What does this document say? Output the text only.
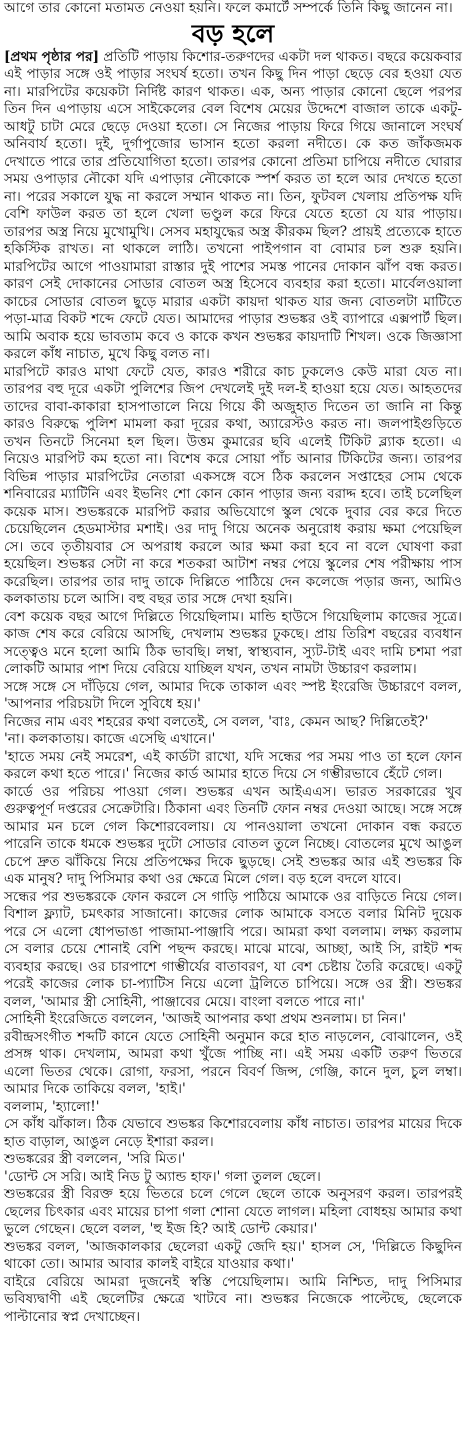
আগে তার কোনো মতামত নেওয়া হয়নি। ফলে কমার্টে সম্পর্কে তিনি কিছু জানেন না।

বড় হলে

[প্রথম পৃষ্ঠার পর] প্রতিটি পাড়ায় কিশোর-তরুণদের একটা দল থাকত। বছরে কয়েকবার এই পাড়ার সঙ্গে ওই পাড়ার সংঘর্ষ হতো। তখন কিছু দিন পাড়া ছেড়ে বের হওয়া যেত না। মারপিটের কয়েকটা নির্দিষ্ট কারণ থাকত। এক, অন্য পাড়ার কোনো ছেলে পরপর তিন দিন এপাড়ায় এসে সাইকেলের বেল বিশেষ মেয়ের উদ্দেশে বাজাল তাকে একটু-আধটু চাটা মেরে ছেড়ে দেওয়া হতো। সে নিজের পাড়ায় ফিরে গিয়ে জানালে সংঘর্ষ অনিবার্য হতো। দুই, দুর্গাপুজোর ভাসান হতো করলা নদীতে। কে কত জাঁকজমক দেখাতে পারে তার প্রতিযোগিতা হতো। তারপর কোনো প্রতিমা চাপিয়ে নদীতে ঘোরার সময় ওপাড়ার নৌকো যদি এপাড়ার নৌকোকে স্পর্শ করত তা হলে আর দেখতে হতো না। পরের সকালে যুদ্ধ না করলে সম্মান থাকত না। তিন, ফুটবল খেলায় প্রতিপক্ষ যদি বেশি ফাউল করত তা হলে খেলা ভণ্ডুল করে ফিরে যেতে হতো যে যার পাড়ায়। তারপর অস্ত্র নিয়ে মুখোমুখি। সেসব মহাযুদ্ধের অস্ত্র কীরকম ছিল? প্রায়ই প্রত্যেকে হাতে হকিস্টিক রাখত। না থাকলে লাঠি। তখনো পাইপগান বা বোমার চল শুরু হয়নি। মারপিটের আগে পাওয়ামারা রাস্তার দুই পাশের সমস্ত পানের দোকান ঝাঁপ বন্ধ করত। কারণ সেই দোকানের সোডার বোতল অস্ত্র হিসেবে ব্যবহার করা হতো। মার্বেলওয়ালা কাচের সোডার বোতল ছুড়ে মারার একটা কায়দা থাকত যার জন্য বোতলটা মাটিতে পড়া-মাত্র বিকট শব্দে ফেটে যেত। আমাদের পাড়ার শুভঙ্কর ওই ব্যাপারে এক্সপার্ট ছিল। আমি অবাক হয়ে ভাবতাম কবে ও কাকে কখন শুভঙ্কর কায়দাটি শিখল। ওকে জিজ্ঞাসা করলে কাঁধ নাচাত, মুখে কিছু বলত না।

মারপিটে কারও মাথা ফেটে যেত, কারও শরীরে কাচ ঢুকলেও কেউ মারা যেত না। তারপর বহু দূরে একটা পুলিশের জিপ দেখলেই দুই দল-ই হাওয়া হয়ে যেত। আহতদের তাদের বাবা-কাকারা হাসপাতালে নিয়ে গিয়ে কী অজুহাত দিতেন তা জানি না কিন্তু কারও বিরুদ্ধে পুলিশ মামলা করা দূরের কথা, অ্যারেস্টও করত না। জলপাইগুড়িতে তখন তিনটে সিনেমা হল ছিল। উত্তম কুমারের ছবি এলেই টিকিট ব্ল্যাক হতো। এ নিয়েও মারপিট কম হতো না। বিশেষ করে সোয়া পাঁচ আনার টিকিটের জন্য। তারপর বিভিন্ন পাড়ার মারপিটের নেতারা একসঙ্গে বসে ঠিক করলেন সপ্তাহের সোম থেকে শনিবারের ম্যাটিনি এবং ইভনিং শো কোন কোন পাড়ার জন্য বরাদ্দ হবে। তাই চলেছিল কয়েক মাস। শুভঙ্করকে মারপিট করার অভিযোগে স্কুল থেকে দুবার বের করে দিতে চেয়েছিলেন হেডমাস্টার মশাই। ওর দাদু গিয়ে অনেক অনুরোধ করায় ক্ষমা পেয়েছিল সে। তবে তৃতীয়বার সে অপরাধ করলে আর ক্ষমা করা হবে না বলে ঘোষণা করা হয়েছিল। শুভঙ্কর সেটা না করে শতকরা আটাশ নম্বর পেয়ে স্কুলের শেষ পরীক্ষায় পাস করেছিল। তারপর তার দাদু তাকে দিল্লিতে পাঠিয়ে দেন কলেজে পড়ার জন্য, আমিও কলকাতায় চলে আসি। বহু বছর তার সঙ্গে দেখা হয়নি।

বেশ কয়েক বছর আগে দিল্লিতে গিয়েছিলাম। মান্ডি হাউসে গিয়েছিলাম কাজের সূত্রে। কাজ শেষ করে বেরিয়ে আসছি, দেখলাম শুভঙ্কর ঢুকছে। প্রায় তিরিশ বছরের ব্যবধান সত্ত্বেও মনে হলো আমি ঠিক ভাবছি। লম্বা, স্বাস্থ্যবান, স্যুট-টাই এবং দামি চশমা পরা লোকটি আমার পাশ দিয়ে বেরিয়ে যাচ্ছিল যখন, তখন নামটা উচ্চারণ করলাম।

সঙ্গে সঙ্গে সে দাঁড়িয়ে গেল, আমার দিকে তাকাল এবং স্পষ্ট ইংরেজি উচ্চারণে বলল, 'আপনার পরিচয়টা দিলে সুবিধে হয়।'

নিজের নাম এবং শহরের কথা বলতেই, সে বলল, 'বাঃ, কেমন আছ? দিল্লিতেই?'

'না। কলকাতায়। কাজে এসেছি এখানে।'

'হাতে সময় নেই সমরেশ, এই কার্ডটা রাখো, যদি সন্ধের পর সময় পাও তা হলে ফোন করলে কথা হতে পারে।' নিজের কার্ড আমার হাতে দিয়ে সে গম্ভীরভাবে হেঁটে গেল।

কার্ডে ওর পরিচয় পাওয়া গেল। শুভঙ্কর এখন আইএএস। ভারত সরকারের খুব গুরুত্বপূর্ণ দপ্তরের সেক্রেটারি। ঠিকানা এবং তিনটি ফোন নম্বর দেওয়া আছে। সঙ্গে সঙ্গে আমার মন চলে গেল কিশোরবেলায়। যে পানওয়ালা তখনো দোকান বন্ধ করতে পারেনি তাকে ধমকে শুভঙ্কর দুটো সোডার বোতল তুলে নিচ্ছে। বোতলের মুখে আঙুল চেপে দ্রুত ঝাঁকিয়ে নিয়ে প্রতিপক্ষের দিকে ছুড়ছে। সেই শুভঙ্কর আর এই শুভঙ্কর কি এক মানুষ? দাদু পিসিমার কথা ওর ক্ষেত্রে মিলে গেল। বড় হলে বদলে যাবে।

সন্ধের পর শুভঙ্করকে ফোন করলে সে গাড়ি পাঠিয়ে আমাকে ওর বাড়িতে নিয়ে গেল। বিশাল ফ্ল্যাট, চমৎকার সাজানো। কাজের লোক আমাকে বসতে বলার মিনিট দুয়েক পরে সে এলো ধোপভাঙা পাজামা-পাঞ্জাবি পরে। আমরা কথা বললাম। লক্ষ্য করলাম সে বলার চেয়ে শোনাই বেশি পছন্দ করছে। মাঝে মাঝে, আচ্ছা, আই সি, রাইট শব্দ ব্যবহার করছে। ওর চারপাশে গাম্ভীর্যের বাতাবরণ, যা বেশ চেষ্টায় তৈরি করেছে। একটু পরেই কাজের লোক চা-প্যাটিস নিয়ে এলো ট্রলিতে চাপিয়ে। সঙ্গে ওর স্ত্রী। শুভঙ্কর বলল, 'আমার স্ত্রী সোহিনী, পাঞ্জাবের মেয়ে। বাংলা বলতে পারে না।'

সোহিনী ইংরেজিতে বললেন, 'আজই আপনার কথা প্রথম শুনলাম। চা নিন।'

রবীন্দ্রসংগীত শব্দটি কানে যেতে সোহিনী অনুমান করে হাত নাড়লেন, বোঝালেন, ওই প্রসঙ্গ থাক। দেখলাম, আমরা কথা খুঁজে পাচ্ছি না। এই সময় একটি তরুণ ভিতরে এলো ভিতর থেকে। রোগা, ফরসা, পরনে বিবর্ণ জিন্স, গেঞ্জি, কানে দুল, চুল লম্বা। আমার দিকে তাকিয়ে বলল, 'হাই।'

বললাম, 'হ্যালো!'

সে কাঁধ ঝাঁকাল। ঠিক যেভাবে শুভঙ্কর কিশোরবেলায় কাঁধ নাচাত। তারপর মায়ের দিকে হাত বাড়াল, আঙুল নেড়ে ইশারা করল।

শুভঙ্করের স্ত্রী বললেন, 'সরি মিত।'

'ডোন্ট সে সরি। আই নিড টু অ্যান্ড হাফ।' গলা তুলল ছেলে।

শুভঙ্করের স্ত্রী বিরক্ত হয়ে ভিতরে চলে গেলে ছেলে তাকে অনুসরণ করল। তারপরই ছেলের চিৎকার এবং মায়ের চাপা গলা শোনা যেতে লাগল। মহিলা বোধহয় আমার কথা ভুলে গেছেন। ছেলে বলল, 'হু ইজ হি? আই ডোন্ট কেয়ার।'

শুভঙ্কর বলল, 'আজকালকার ছেলেরা একটু জেদি হয়।' হাসল সে, 'দিল্লিতে কিছুদিন থাকো তো। আমার আবার কালই বাইরে যাওয়ার কথা।'

বাইরে বেরিয়ে আমরা দুজনেই স্বস্তি পেয়েছিলাম। আমি নিশ্চিত, দাদু পিসিমার ভবিষ্যদ্বাণী এই ছেলেটির ক্ষেত্রে খাটবে না। শুভঙ্কর নিজেকে পাল্টেছে, ছেলেকে পাল্টানোর স্বপ্ন দেখাচ্ছেন।
